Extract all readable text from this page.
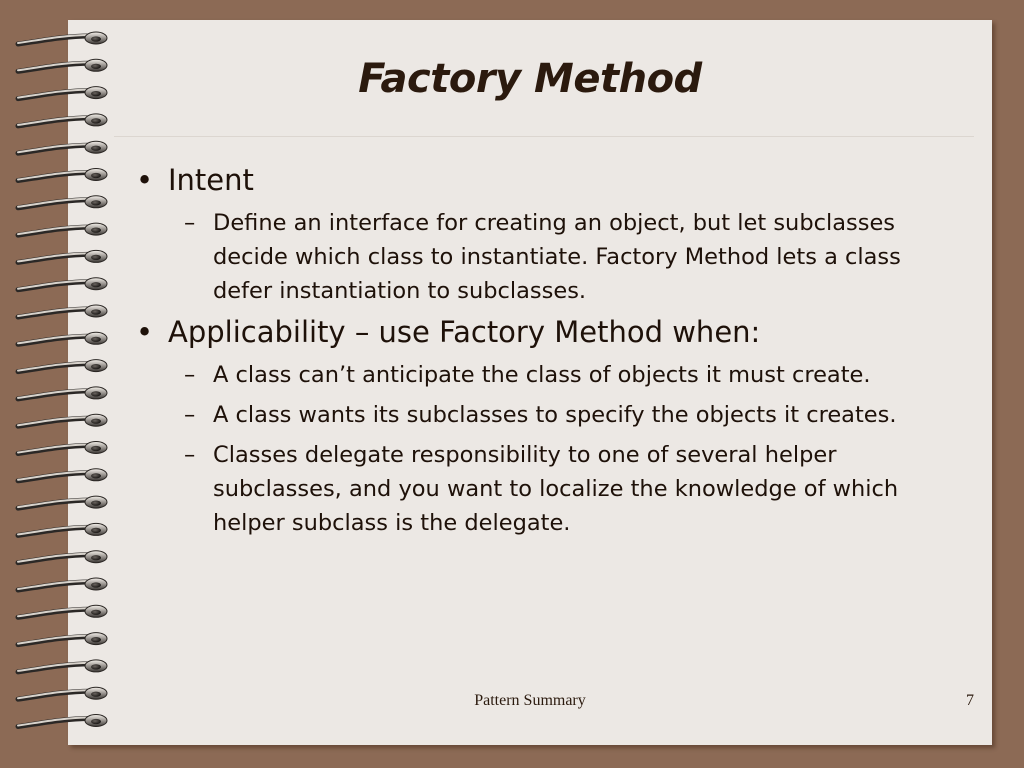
Factory Method
• Intent
– Define an interface for creating an object, but let subclasses decide which class to instantiate. Factory Method lets a class defer instantiation to subclasses.
• Applicability – use Factory Method when:
– A class can’t anticipate the class of objects it must create.
– A class wants its subclasses to specify the objects it creates.
– Classes delegate responsibility to one of several helper subclasses, and you want to localize the knowledge of which helper subclass is the delegate.
Pattern Summary	7
